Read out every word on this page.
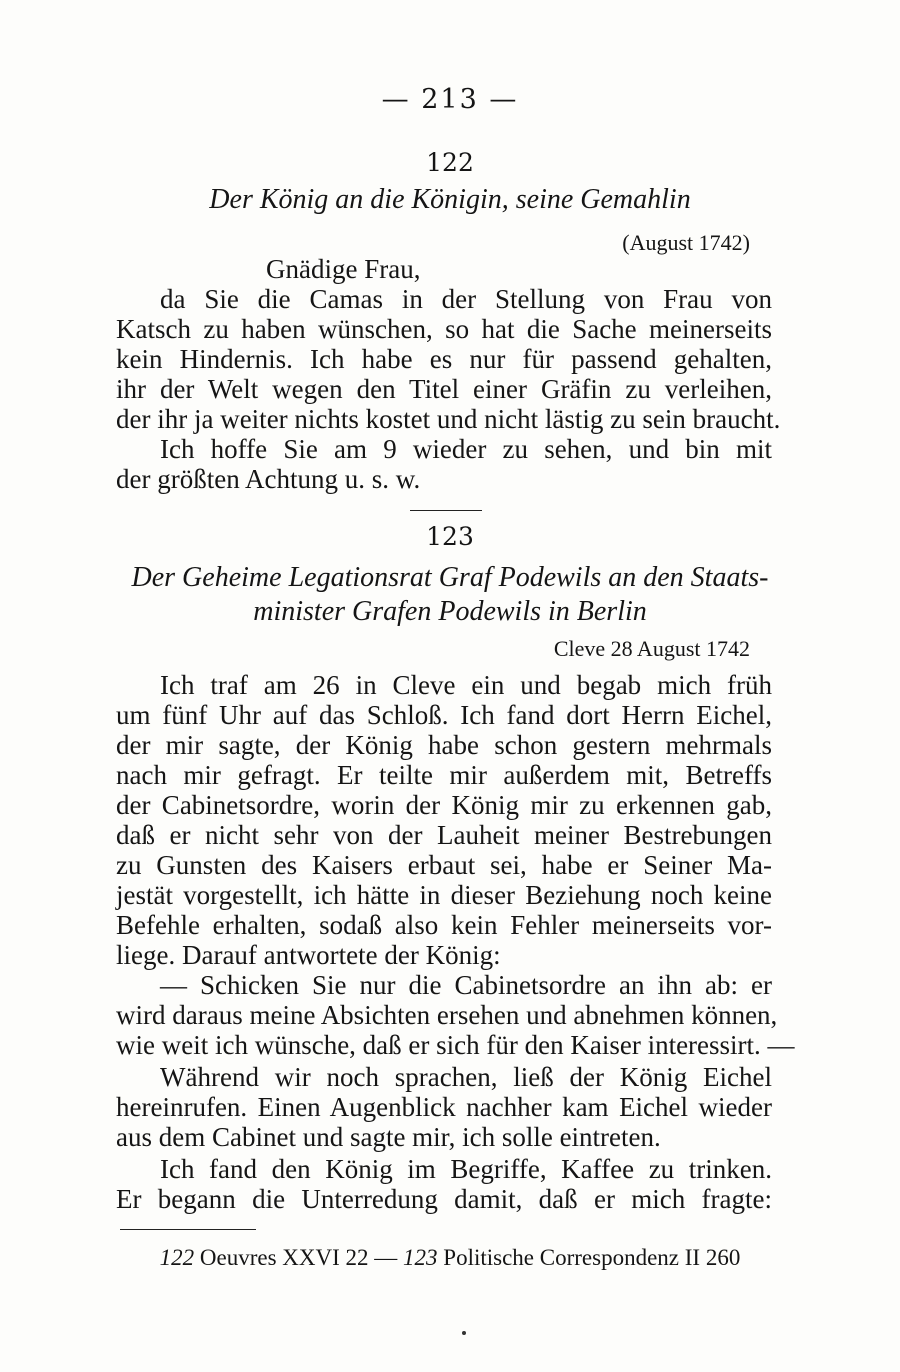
— 213 —
122
Der König an die Königin, seine Gemahlin
(August 1742)
Gnädige Frau,
da Sie die Camas in der Stellung von Frau von
Katsch zu haben wünschen, so hat die Sache meinerseits
kein Hindernis. Ich habe es nur für passend gehalten,
ihr der Welt wegen den Titel einer Gräfin zu verleihen,
der ihr ja weiter nichts kostet und nicht lästig zu sein braucht.
Ich hoffe Sie am 9 wieder zu sehen, und bin mit
der größten Achtung u. s. w.
123
Der Geheime Legationsrat Graf Podewils an den Staats-
minister Grafen Podewils in Berlin
Cleve 28 August 1742
Ich traf am 26 in Cleve ein und begab mich früh
um fünf Uhr auf das Schloß. Ich fand dort Herrn Eichel,
der mir sagte, der König habe schon gestern mehrmals
nach mir gefragt. Er teilte mir außerdem mit, Betreffs
der Cabinetsordre, worin der König mir zu erkennen gab,
daß er nicht sehr von der Lauheit meiner Bestrebungen
zu Gunsten des Kaisers erbaut sei, habe er Seiner Ma-
jestät vorgestellt, ich hätte in dieser Beziehung noch keine
Befehle erhalten, sodaß also kein Fehler meinerseits vor-
liege. Darauf antwortete der König:
— Schicken Sie nur die Cabinetsordre an ihn ab: er
wird daraus meine Absichten ersehen und abnehmen können,
wie weit ich wünsche, daß er sich für den Kaiser interessirt. —
Während wir noch sprachen, ließ der König Eichel
hereinrufen. Einen Augenblick nachher kam Eichel wieder
aus dem Cabinet und sagte mir, ich solle eintreten.
Ich fand den König im Begriffe, Kaffee zu trinken.
Er begann die Unterredung damit, daß er mich fragte:
122 Oeuvres XXVI 22 — 123 Politische Correspondenz II 260
